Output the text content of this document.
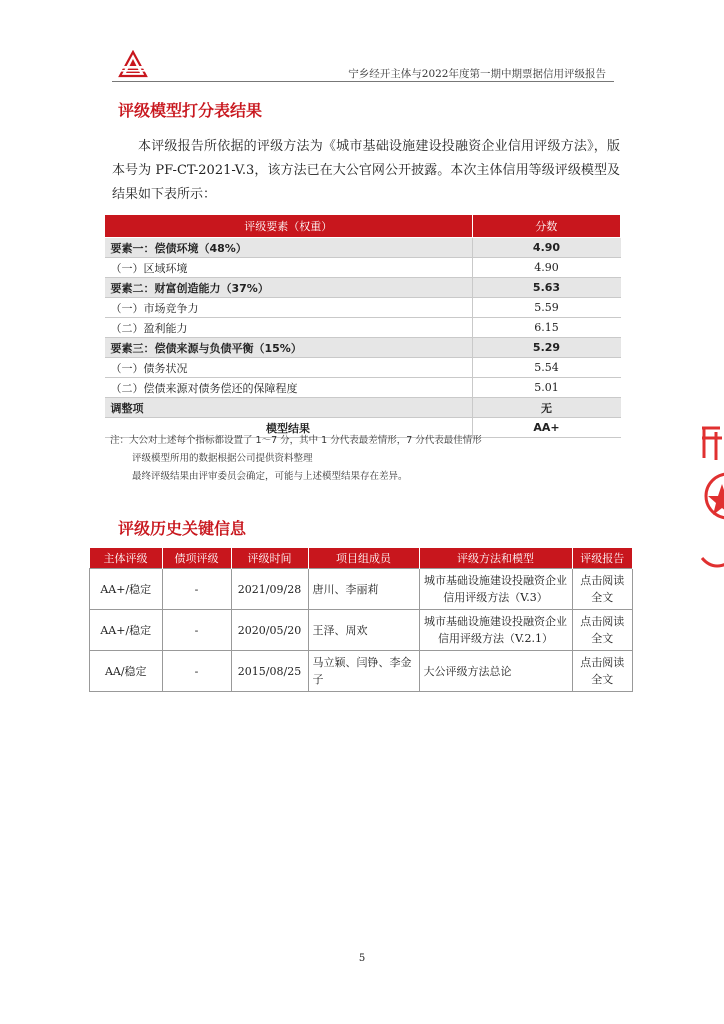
宁乡经开主体与2022年度第一期中期票据信用评级报告
评级模型打分表结果

本评级报告所依据的评级方法为《城市基础设施建设投融资企业信用评级方法》，版本号为 PF-CT-2021-V.3，该方法已在大公官网公开披露。本次主体信用等级评级模型及结果如下表所示：

评级要素（权重）	分数
要素一：偿债环境（48%）	4.90
（一）区域环境	4.90
要素二：财富创造能力（37%）	5.63
（一）市场竞争力	5.59
（二）盈利能力	6.15
要素三：偿债来源与负债平衡（15%）	5.29
（一）债务状况	5.54
（二）偿债来源对债务偿还的保障程度	5.01
调整项	无
模型结果	AA+
注：大公对上述每个指标都设置了 1～7 分，其中 1 分代表最差情形，7 分代表最佳情形
评级模型所用的数据根据公司提供资料整理
最终评级结果由评审委员会确定，可能与上述模型结果存在差异。
评级历史关键信息
主体评级	债项评级	评级时间	项目组成员	评级方法和模型	评级报告
AA+/稳定	-	2021/09/28	唐川、李丽莉	城市基础设施建设投融资企业信用评级方法（V.3）	点击阅读全文
AA+/稳定	-	2020/05/20	王泽、周欢	城市基础设施建设投融资企业信用评级方法（V.2.1）	点击阅读全文
AA/稳定	-	2015/08/25	马立颖、闫铮、李金子	大公评级方法总论	点击阅读全文
5
